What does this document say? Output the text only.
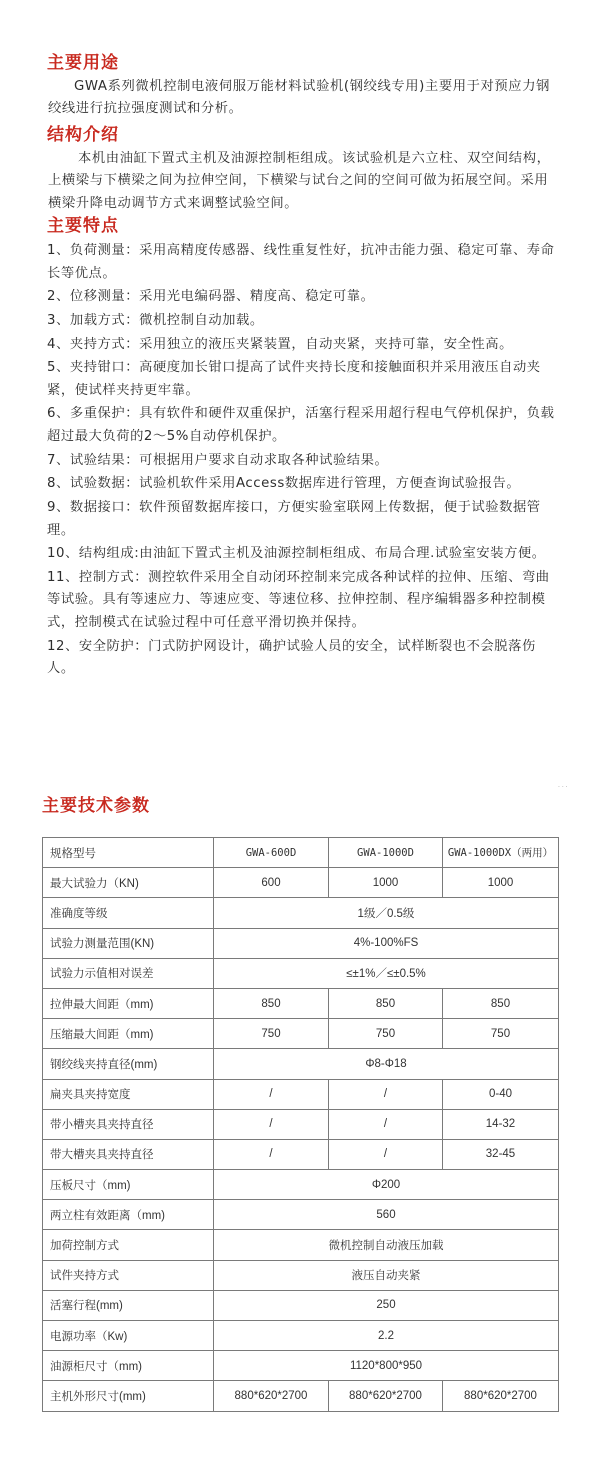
主要用途

GWA系列微机控制电液伺服万能材料试验机(钢绞线专用)主要用于对预应力钢绞线进行抗拉强度测试和分析。

结构介绍

本机由油缸下置式主机及油源控制柜组成。该试验机是六立柱、双空间结构，上横梁与下横梁之间为拉伸空间，下横梁与试台之间的空间可做为拓展空间。采用横梁升降电动调节方式来调整试验空间。

主要特点
1、负荷测量：采用高精度传感器、线性重复性好，抗冲击能力强、稳定可靠、寿命长等优点。
2、位移测量：采用光电编码器、精度高、稳定可靠。
3、加载方式：微机控制自动加载。
4、夹持方式：采用独立的液压夹紧装置，自动夹紧，夹持可靠，安全性高。
5、夹持钳口：高硬度加长钳口提高了试件夹持长度和接触面积并采用液压自动夹紧，使试样夹持更牢靠。
6、多重保护：具有软件和硬件双重保护，活塞行程采用超行程电气停机保护，负载超过最大负荷的2～5%自动停机保护。
7、试验结果：可根据用户要求自动求取各种试验结果。
8、试验数据：试验机软件采用Access数据库进行管理，方便查询试验报告。
9、数据接口：软件预留数据库接口，方便实验室联网上传数据，便于试验数据管理。
10、结构组成:由油缸下置式主机及油源控制柜组成、布局合理.试验室安装方便。
11、控制方式：测控软件采用全自动闭环控制来完成各种试样的拉伸、压缩、弯曲等试验。具有等速应力、等速应变、等速位移、拉伸控制、程序编辑器多种控制模式，控制模式在试验过程中可任意平滑切换并保持。
12、安全防护：门式防护网设计，确护试验人员的安全，试样断裂也不会脱落伤人。
· · ·
主要技术参数
规格型号	GWA-600D	GWA-1000D	GWA-1000DX（两用）
最大试验力（KN)	600	1000	1000
准确度等级	1级／0.5级		
试验力测量范围(KN)	4%-100%FS		
试验力示值相对误差	≤±1%／≤±0.5%		
拉伸最大间距（mm)	850	850	850
压缩最大间距（mm)	750	750	750
钢绞线夹持直径(mm)	Φ8-Φ18		
扁夹具夹持宽度	/	/	0-40
带小槽夹具夹持直径	/	/	14-32
带大槽夹具夹持直径	/	/	32-45
压板尺寸（mm)	Φ200		
两立柱有效距离（mm)	560		
加荷控制方式	微机控制自动液压加载		
试件夹持方式	液压自动夹紧		
活塞行程(mm)	250		
电源功率（Kw)	2.2		
油源柜尺寸（mm)	1120*800*950		
主机外形尺寸(mm)	880*620*2700	880*620*2700	880*620*2700
